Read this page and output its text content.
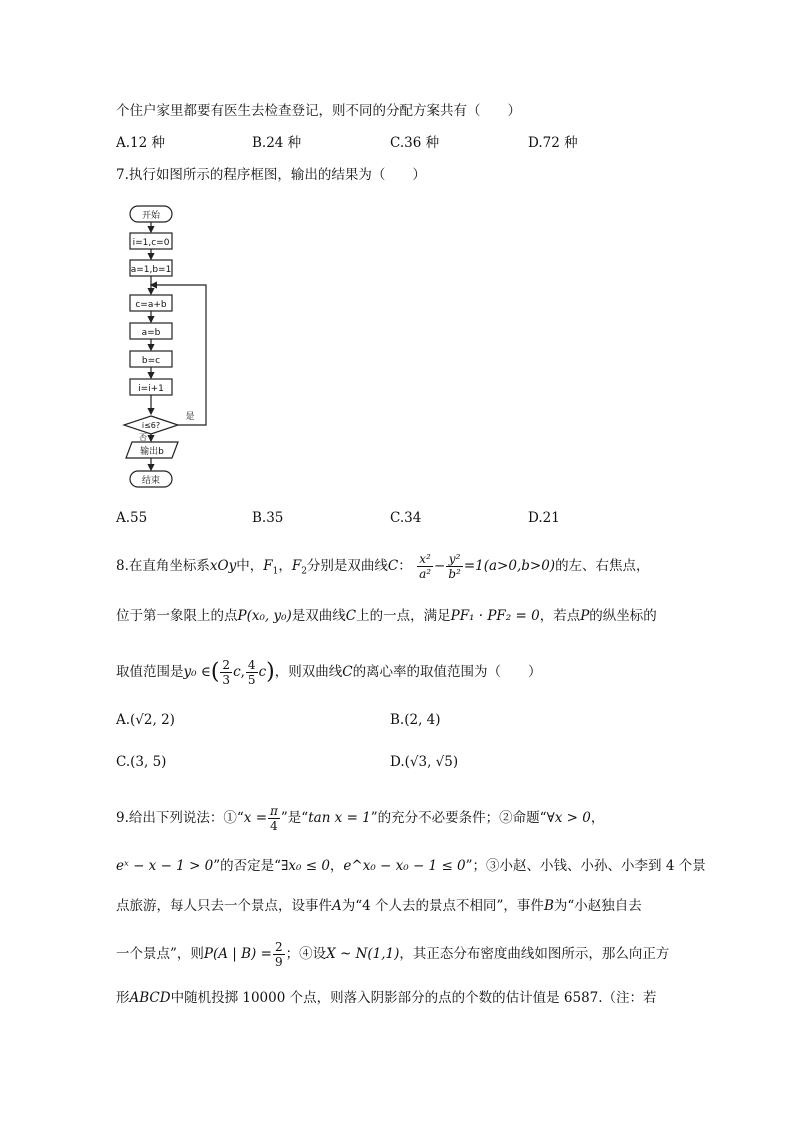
个住户家里都要有医生去检查登记，则不同的分配方案共有（　　）
A.12 种	B.24 种	C.36 种	D.72 种
7.执行如图所示的程序框图，输出的结果为（　　）
开始
i=1,c=0
a=1,b=1
c=a+b
a=b
b=c
i=i+1
i≤6?
是
否
输出b
结束
A.55	B.35	C.34	D.21
8.在直角坐标系xOy中，$F_1$，$F_2$分别是双曲线C： $\frac{\text{x²}}{\text{a²}} - \frac{\text{y²}}{\text{b²}} =1(a>0,b>0)$的左、右焦点，
位于第一象限上的点P(x₀, y₀)是双曲线C上的一点，满足PF₁ · PF₂ = 0，若点P的纵坐标的
取值范围是y₀ ∈( $\frac{2}{3} c$, $\frac{4}{5} c$)，则双曲线C的离心率的取值范围为（　　）
A.(√2, 2)	B.(2, 4)
C.(3, 5)	D.(√3, √5)
9.给出下列说法：①“x = $\frac{\pi}{4}$ ”是“tan x = 1”的充分不必要条件；②命题“∀x > 0，
eˣ − x − 1 > 0”的否定是“∃x₀ ≤ 0，e^x₀ − x₀ − 1 ≤ 0”；③小赵、小钱、小孙、小李到 4 个景
点旅游，每人只去一个景点，设事件A为“4 个人去的景点不相同”，事件B为“小赵独自去
一个景点”，则P(A | $B) = \frac{2}{9}$ ；④设X ~ N(1,1)，其正态分布密度曲线如图所示，那么向正方
形ABCD中随机投掷 10000 个点，则落入阴影部分的点的个数的估计值是 6587.（注：若
